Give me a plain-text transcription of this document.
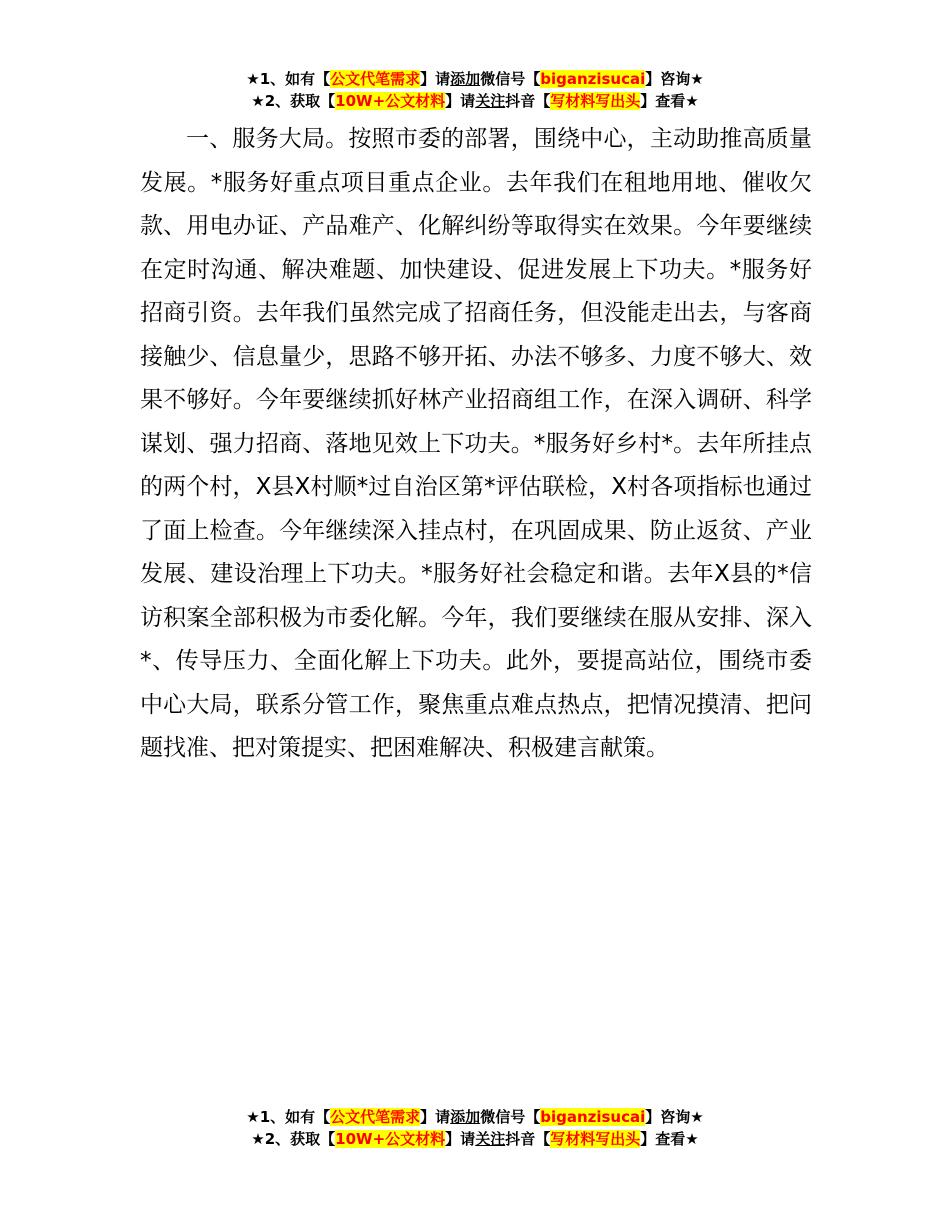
★1、如有【公文代笔需求】请添加微信号【biganzisucai】咨询★
★2、获取【10W+公文材料】请关注抖音【写材料写出头】查看★

一、服务大局。按照市委的部署，围绕中心，主动助推高质量发展。*服务好重点项目重点企业。去年我们在租地用地、催收欠款、用电办证、产品难产、化解纠纷等取得实在效果。今年要继续在定时沟通、解决难题、加快建设、促进发展上下功夫。*服务好招商引资。去年我们虽然完成了招商任务，但没能走出去，与客商接触少、信息量少，思路不够开拓、办法不够多、力度不够大、效果不够好。今年要继续抓好林产业招商组工作，在深入调研、科学谋划、强力招商、落地见效上下功夫。*服务好乡村*。去年所挂点的两个村，X县X村顺*过自治区第*评估联检，X村各项指标也通过了面上检查。今年继续深入挂点村，在巩固成果、防止返贫、产业发展、建设治理上下功夫。*服务好社会稳定和谐。去年X县的*信访积案全部积极为市委化解。今年，我们要继续在服从安排、深入*、传导压力、全面化解上下功夫。此外，要提高站位，围绕市委中心大局，联系分管工作，聚焦重点难点热点，把情况摸清、把问题找准、把对策提实、把困难解决、积极建言献策。

★1、如有【公文代笔需求】请添加微信号【biganzisucai】咨询★
★2、获取【10W+公文材料】请关注抖音【写材料写出头】查看★
